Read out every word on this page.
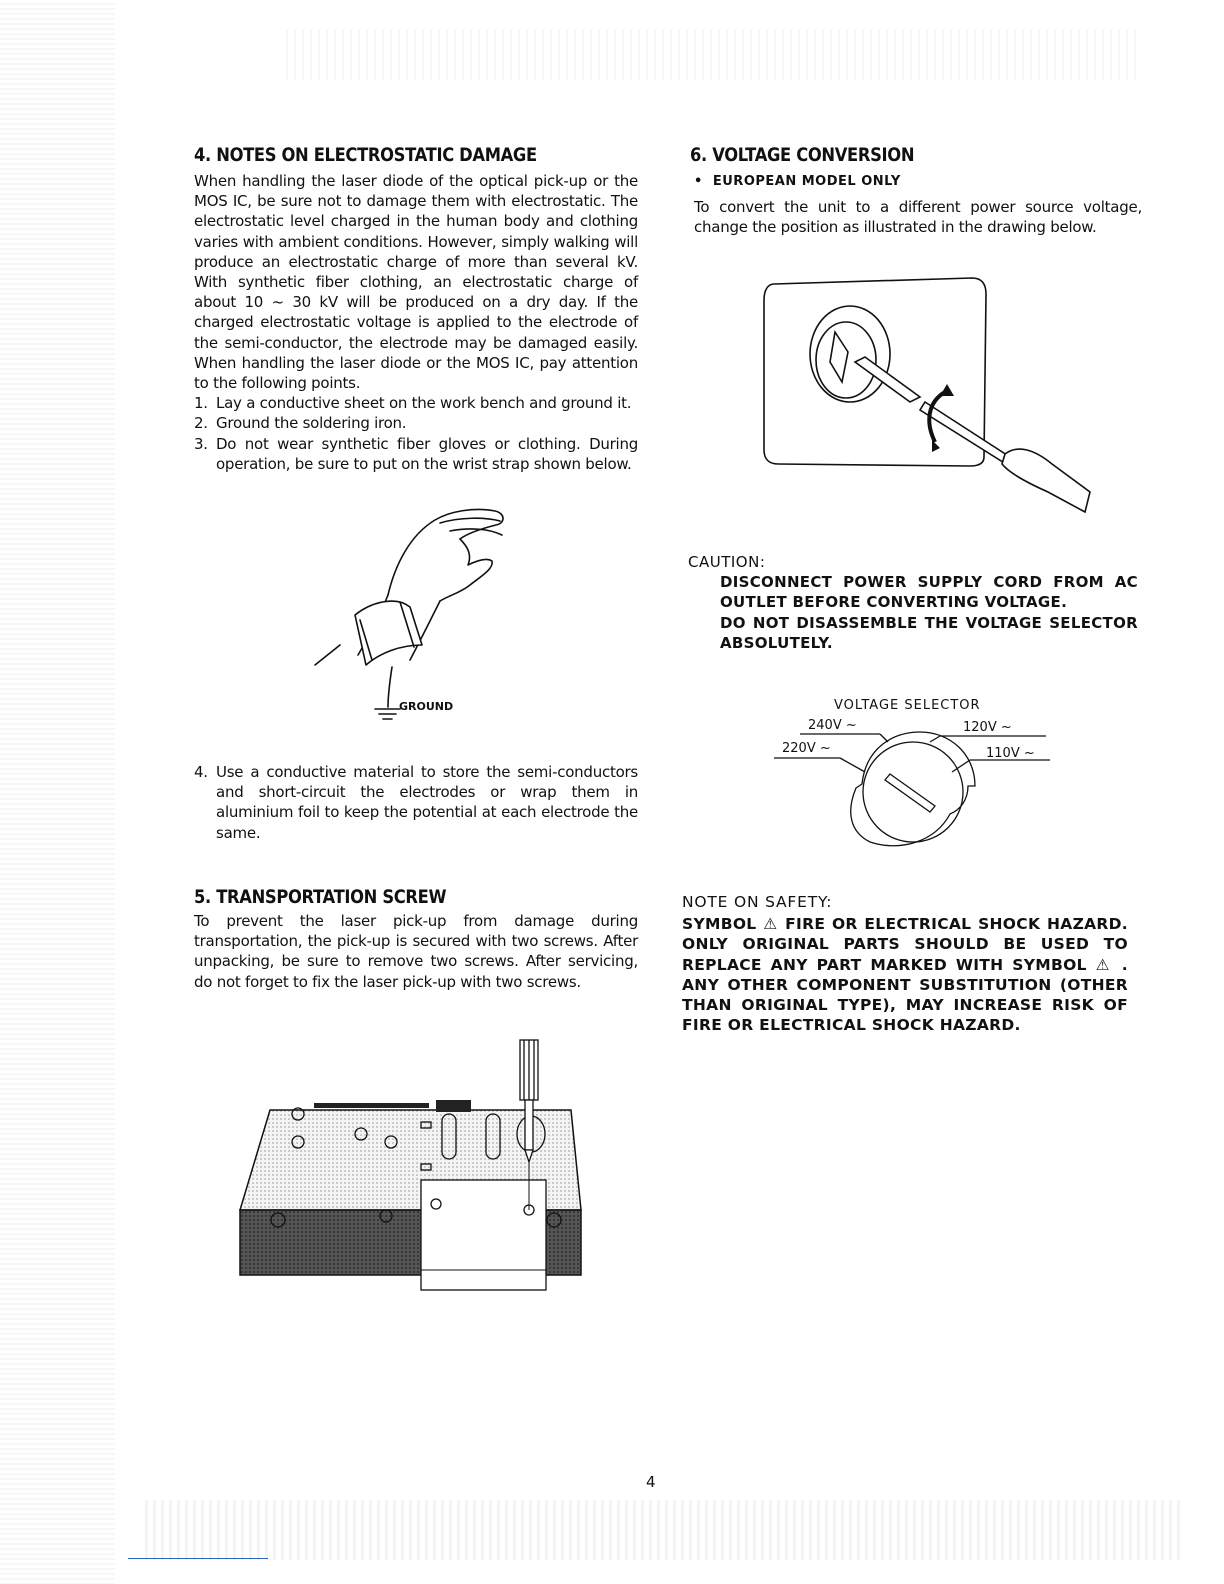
4. NOTES ON ELECTROSTATIC DAMAGE

When handling the laser diode of the optical pick-up or the MOS IC, be sure not to damage them with electrostatic. The electrostatic level charged in the human body and clothing varies with ambient conditions. However, simply walking will produce an electrostatic charge of more than several kV. With synthetic fiber clothing, an electrostatic charge of about 10 ~ 30 kV will be produced on a dry day. If the charged electrostatic voltage is applied to the electrode of the semi-conductor, the electrode may be damaged easily. When handling the laser diode or the MOS IC, pay attention to the following points.

1. Lay a conductive sheet on the work bench and ground it.
2. Ground the soldering iron.
3. Do not wear synthetic fiber gloves or clothing. During operation, be sure to put on the wrist strap shown below.
GROUND
4. Use a conductive material to store the semi-conductors and short-circuit the electrodes or wrap them in aluminium foil to keep the potential at each electrode the same.
5. TRANSPORTATION SCREW

To prevent the laser pick-up from damage during transportation, the pick-up is secured with two screws. After unpacking, be sure to remove two screws. After servicing, do not forget to fix the laser pick-up with two screws.

6. VOLTAGE CONVERSION
•  EUROPEAN MODEL ONLY

To convert the unit to a different power source voltage, change the position as illustrated in the drawing below.

CAUTION:
DISCONNECT POWER SUPPLY CORD FROM AC OUTLET BEFORE CONVERTING VOLTAGE.
DO NOT DISASSEMBLE THE VOLTAGE SELECTOR ABSOLUTELY.
VOLTAGE SELECTOR
240V ~	120V ~
220V ~	110V ~
NOTE ON SAFETY:
SYMBOL ⚠ FIRE OR ELECTRICAL SHOCK HAZARD. ONLY ORIGINAL PARTS SHOULD BE USED TO REPLACE ANY PART MARKED WITH SYMBOL ⚠ . ANY OTHER COMPONENT SUBSTITUTION (OTHER THAN ORIGINAL TYPE), MAY INCREASE RISK OF FIRE OR ELECTRICAL SHOCK HAZARD.
4
